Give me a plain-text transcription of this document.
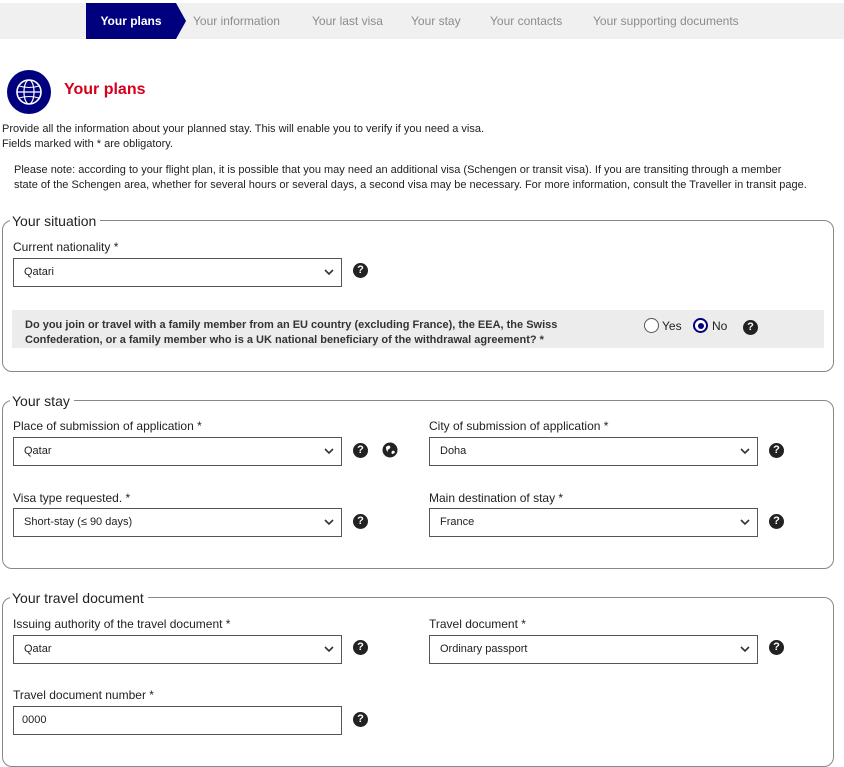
Your plans	Your information	Your last visa Your stay Your contacts	Your supporting documents
Your plans
Provide all the information about your planned stay. This will enable you to verify if you need a visa.
Fields marked with * are obligatory.
Please note: according to your flight plan, it is possible that you may need an additional visa (Schengen or transit visa). If you are transiting through a member
state of the Schengen area, whether for several hours or several days, a second visa may be necessary. For more information, consult the Traveller in transit page.
Your situation
Current nationality *
Qatari	?
Do you join or travel with a family member from an EU country (excluding France), the EEA, the Swiss Confederation, or a family member who is a UK national beneficiary of the withdrawal agreement? *
Yes	No	?
Your stay
Place of submission of application *
Qatar	?
City of submission of application *
Doha	?
Visa type requested. *
Short-stay (≤ 90 days)	?
Main destination of stay *
France	?
Your travel document
Issuing authority of the travel document *
Qatar	?
Travel document *
Ordinary passport	?
Travel document number *
0000	?
